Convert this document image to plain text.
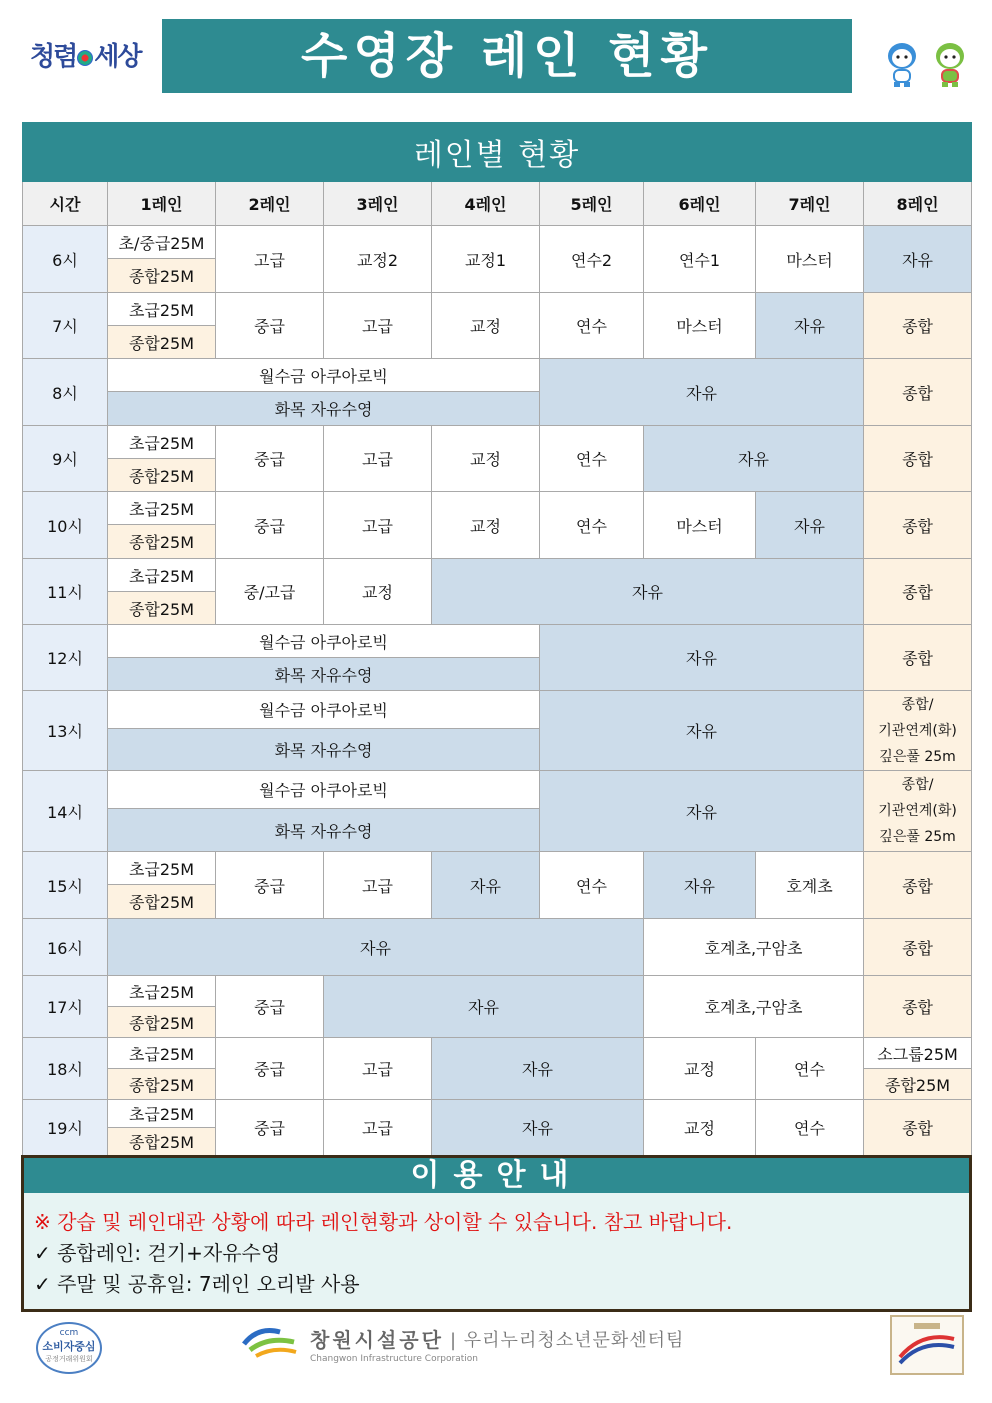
청렴 세상	수영장 레인 현황
레인별 현황								
시간	1레인	2레인	3레인	4레인	5레인	6레인	7레인	8레인
6시	초/중급25M	고급	교정2	교정1	연수2	연수1	마스터	자유
	종합25M							
7시	초급25M	중급	고급	교정	연수	마스터	자유	종합
	종합25M							
8시	월수금 아쿠아로빅				자유			종합
	화목 자유수영							
9시	초급25M	중급	고급	교정	연수	자유		종합
	종합25M							
10시	초급25M	중급	고급	교정	연수	마스터	자유	종합
	종합25M							
11시	초급25M	중/고급	교정	자유				종합
	종합25M							
12시	월수금 아쿠아로빅				자유			종합
	화목 자유수영							
13시	월수금 아쿠아로빅				자유			종합/
기관연계(화)
깊은풀 25m

	화목 자유수영							
14시	월수금 아쿠아로빅				자유			종합/
기관연계(화)
깊은풀 25m

	화목 자유수영							
15시	초급25M	중급	고급	자유	연수	자유	호계초	종합
	종합25M							
16시	자유					호계초,구암초		종합
17시	초급25M	중급	자유			호계초,구암초		종합
	종합25M							
18시	초급25M	중급	고급	자유		교정	연수	소그룹25M
	종합25M							종합25M
19시	초급25M	중급	고급	자유		교정	연수	종합
	종합25M							
이용안내
※ 강습 및 레인대관 상황에 따라 레인현황과 상이할 수 있습니다. 참고 바랍니다.
✓ 종합레인: 걷기+자유수영
✓ 주말 및 공휴일: 7레인 오리발 사용
ccm
소비자중심
공정거래위원회
창원시설공단 | 우리누리청소년문화센터팀
Changwon Infrastructure Corporation
